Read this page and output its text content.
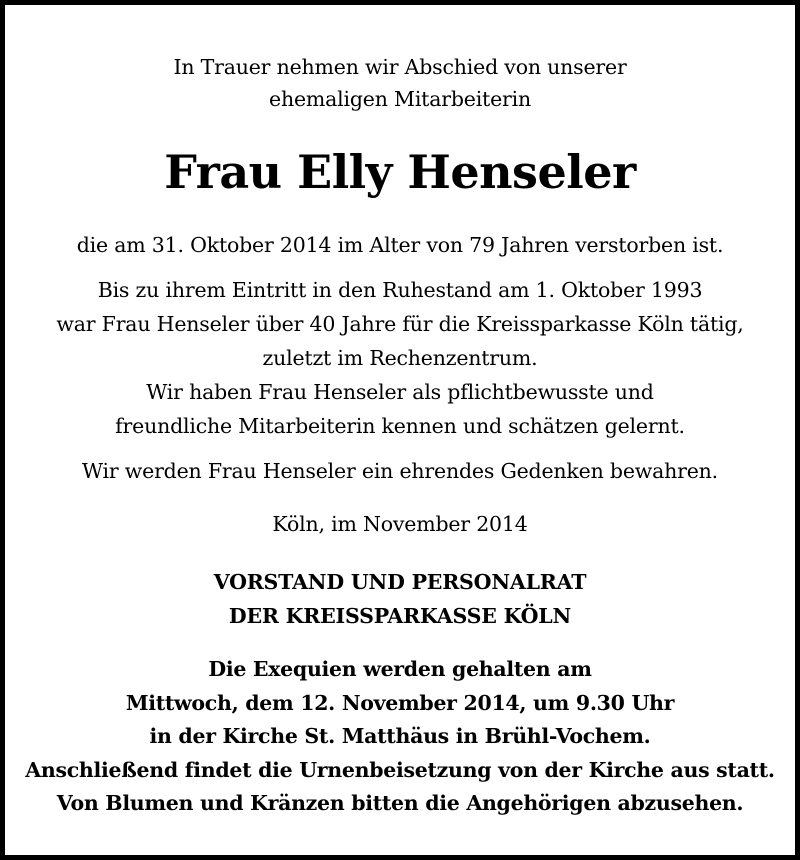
In Trauer nehmen wir Abschied von unserer
ehemaligen Mitarbeiterin

Frau Elly Henseler

die am 31. Oktober 2014 im Alter von 79 Jahren verstorben ist.

Bis zu ihrem Eintritt in den Ruhestand am 1. Oktober 1993
war Frau Henseler über 40 Jahre für die Kreissparkasse Köln tätig,
zuletzt im Rechenzentrum.
Wir haben Frau Henseler als pflichtbewusste und
freundliche Mitarbeiterin kennen und schätzen gelernt.

Wir werden Frau Henseler ein ehrendes Gedenken bewahren.

Köln, im November 2014

VORSTAND UND PERSONALRAT
DER KREISSPARKASSE KÖLN

Die Exequien werden gehalten am
Mittwoch, dem 12. November 2014, um 9.30 Uhr
in der Kirche St. Matthäus in Brühl-Vochem.
Anschließend findet die Urnenbeisetzung von der Kirche aus statt.
Von Blumen und Kränzen bitten die Angehörigen abzusehen.
